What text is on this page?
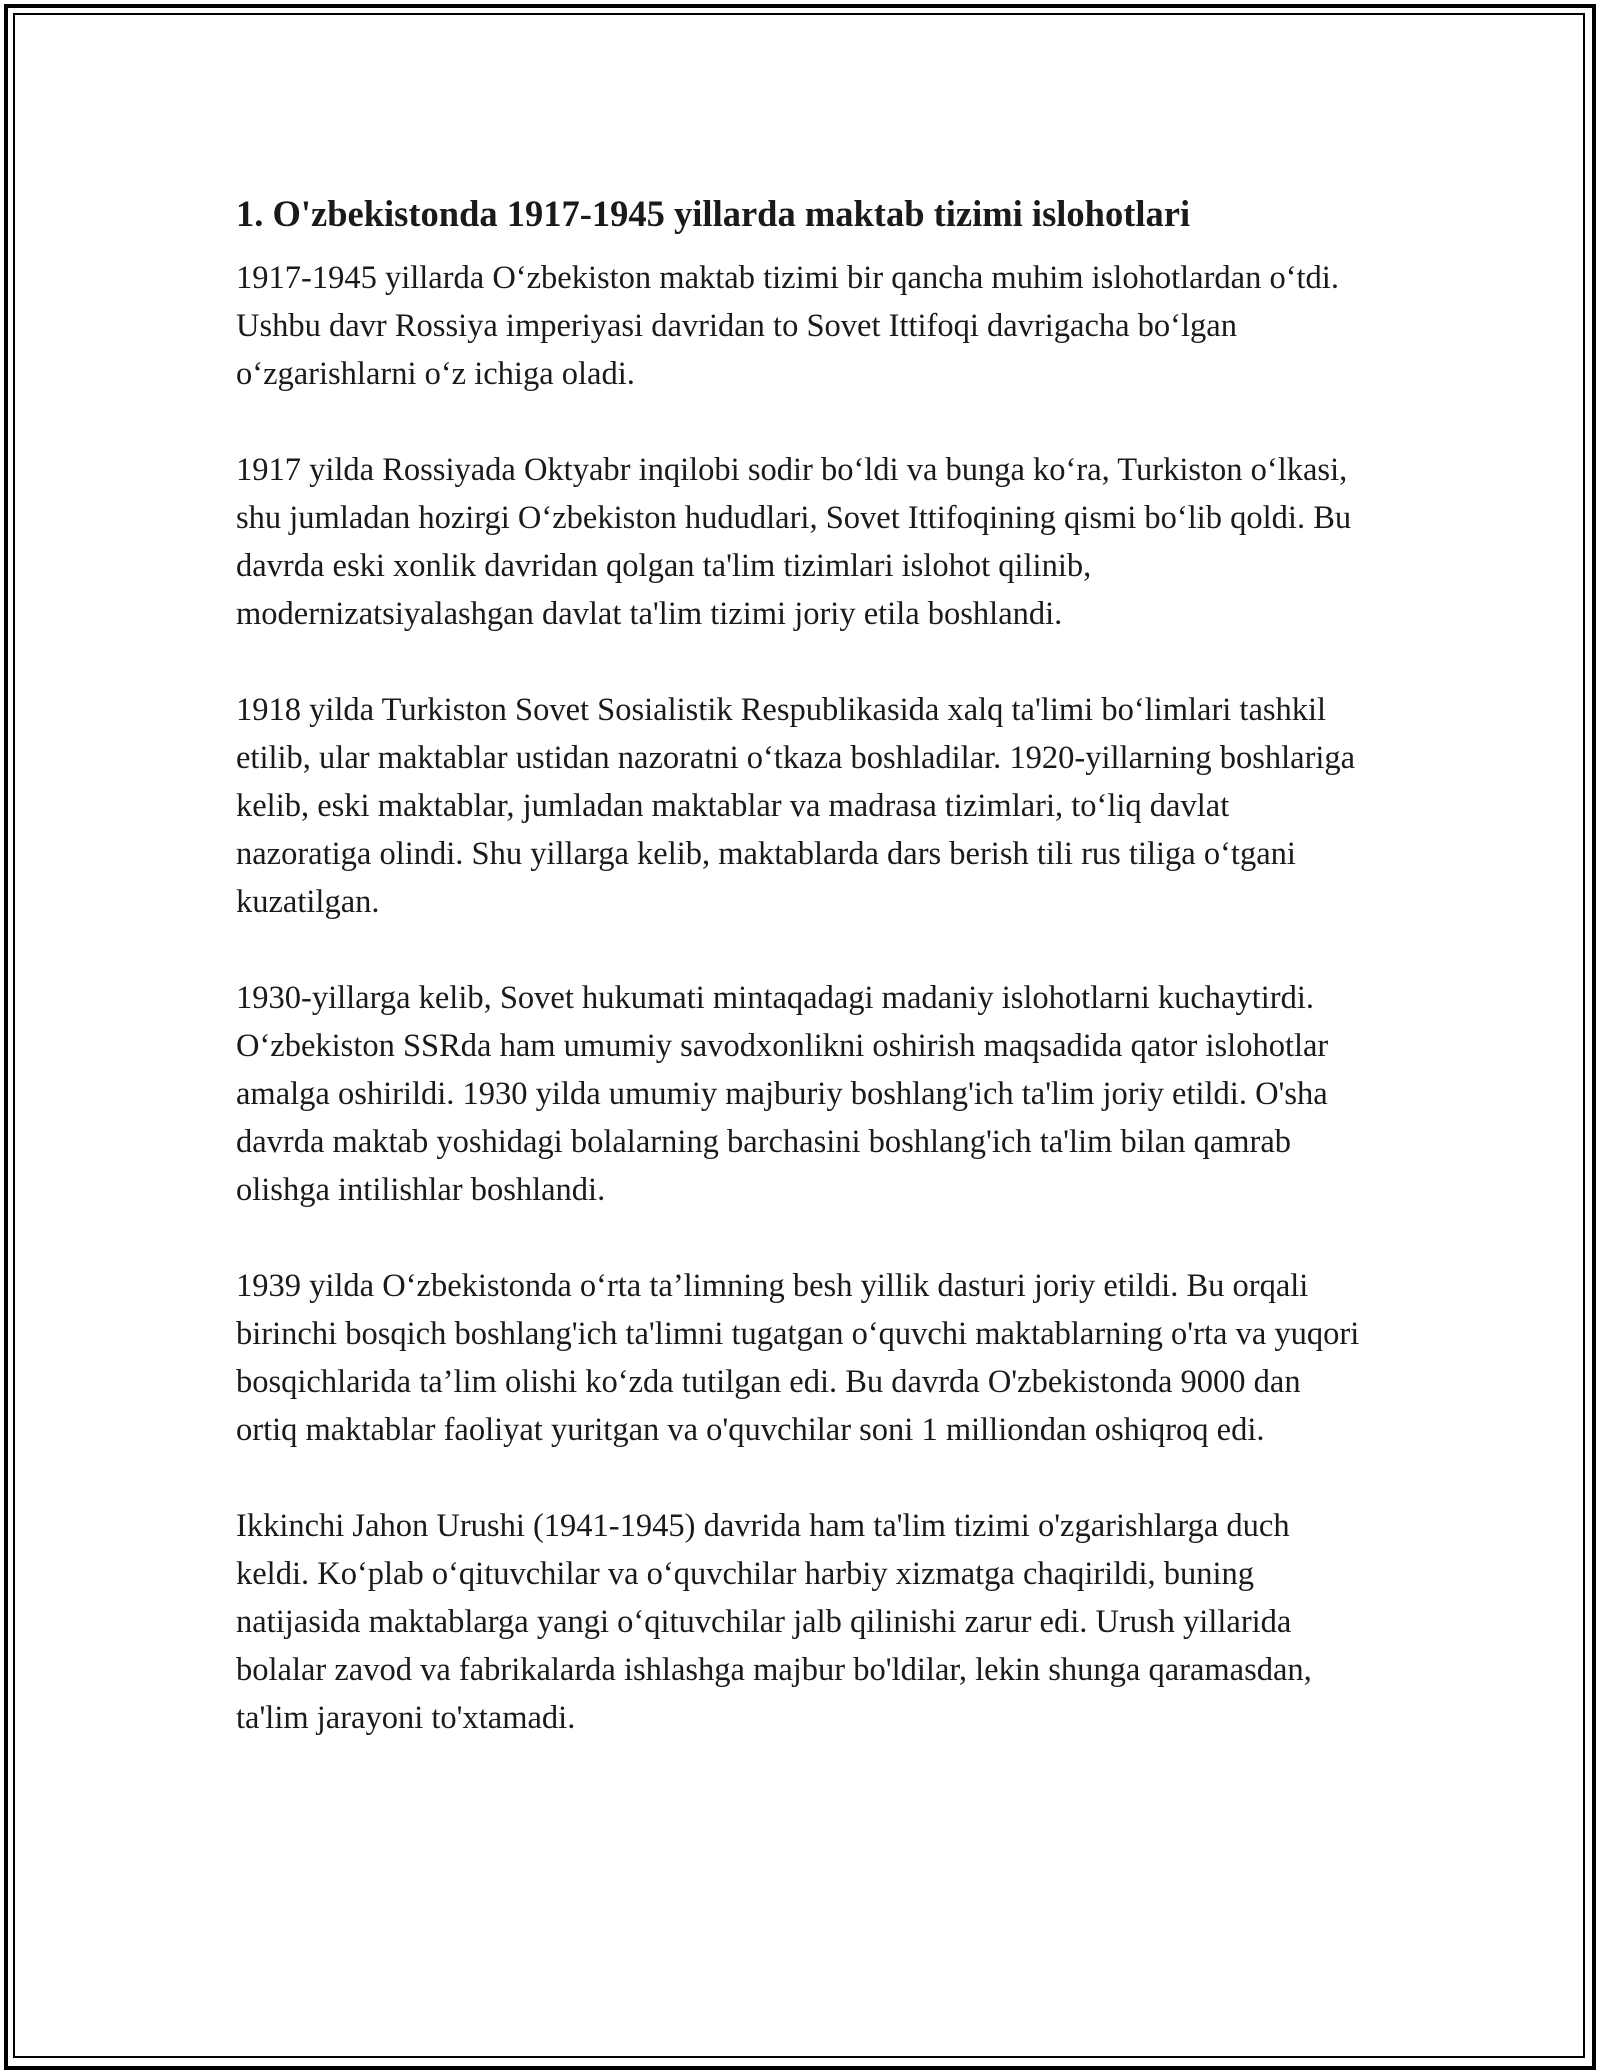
1. O'zbekistonda 1917-1945 yillarda maktab tizimi islohotlari

1917-1945 yillarda O‘zbekiston maktab tizimi bir qancha muhim islohotlardan o‘tdi. Ushbu davr Rossiya imperiyasi davridan to Sovet Ittifoqi davrigacha bo‘lgan o‘zgarishlarni o‘z ichiga oladi.

1917 yilda Rossiyada Oktyabr inqilobi sodir bo‘ldi va bunga ko‘ra, Turkiston o‘lkasi, shu jumladan hozirgi O‘zbekiston hududlari, Sovet Ittifoqining qismi bo‘lib qoldi. Bu davrda eski xonlik davridan qolgan ta'lim tizimlari islohot qilinib, modernizatsiyalashgan davlat ta'lim tizimi joriy etila boshlandi.

1918 yilda Turkiston Sovet Sosialistik Respublikasida xalq ta'limi bo‘limlari tashkil etilib, ular maktablar ustidan nazoratni o‘tkaza boshladilar. 1920-yillarning boshlariga kelib, eski maktablar, jumladan maktablar va madrasa tizimlari, to‘liq davlat nazoratiga olindi. Shu yillarga kelib, maktablarda dars berish tili rus tiliga o‘tgani kuzatilgan.

1930-yillarga kelib, Sovet hukumati mintaqadagi madaniy islohotlarni kuchaytirdi. O‘zbekiston SSRda ham umumiy savodxonlikni oshirish maqsadida qator islohotlar amalga oshirildi. 1930 yilda umumiy majburiy boshlang'ich ta'lim joriy etildi. O'sha davrda maktab yoshidagi bolalarning barchasini boshlang'ich ta'lim bilan qamrab olishga intilishlar boshlandi.

1939 yilda O‘zbekistonda o‘rta ta’limning besh yillik dasturi joriy etildi. Bu orqali birinchi bosqich boshlang'ich ta'limni tugatgan o‘quvchi maktablarning o'rta va yuqori bosqichlarida ta’lim olishi ko‘zda tutilgan edi. Bu davrda O'zbekistonda 9000 dan ortiq maktablar faoliyat yuritgan va o'quvchilar soni 1 milliondan oshiqroq edi.

Ikkinchi Jahon Urushi (1941-1945) davrida ham ta'lim tizimi o'zgarishlarga duch keldi. Ko‘plab o‘qituvchilar va o‘quvchilar harbiy xizmatga chaqirildi, buning natijasida maktablarga yangi o‘qituvchilar jalb qilinishi zarur edi. Urush yillarida bolalar zavod va fabrikalarda ishlashga majbur bo'ldilar, lekin shunga qaramasdan, ta'lim jarayoni to'xtamadi.
